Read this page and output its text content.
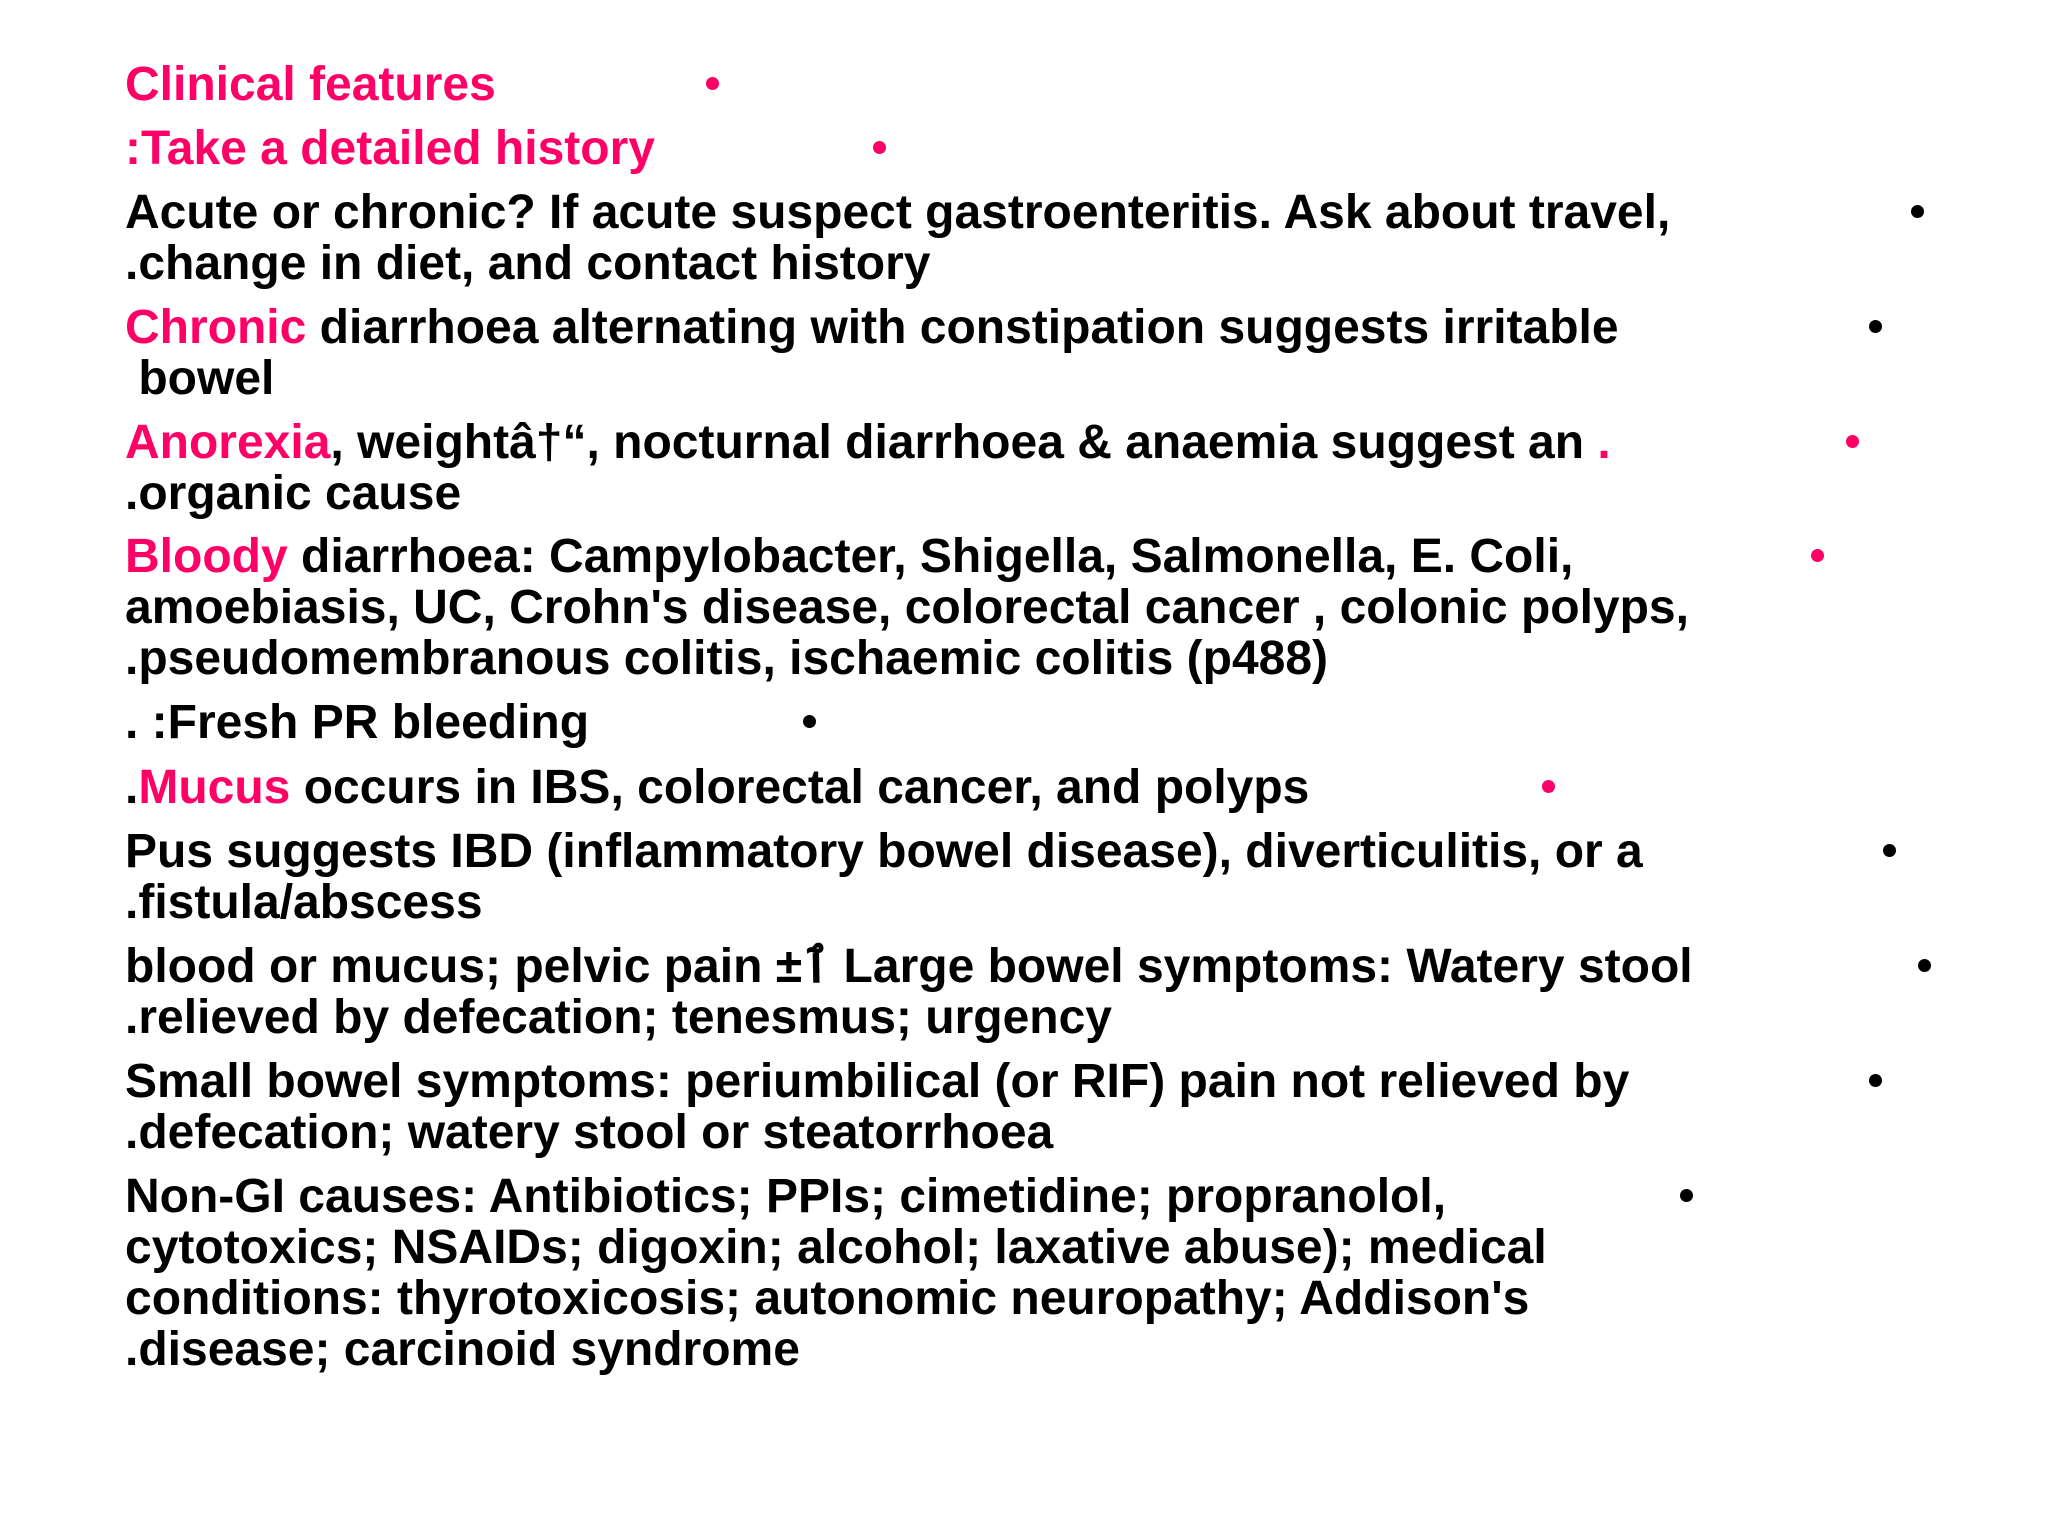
Clinical features
:Take a detailed history
Acute or chronic? If acute suspect gastroenteritis. Ask about travel,
.change in diet, and contact history
Chronic diarrhoea alternating with constipation suggests irritable
bowel
Anorexia, weightâ†“, nocturnal diarrhoea & anaemia suggest an .
.organic cause
Bloody diarrhoea: Campylobacter, Shigella, Salmonella, E. Coli,
amoebiasis, UC, Crohn's disease, colorectal cancer , colonic polyps,
.pseudomembranous colitis, ischaemic colitis (p488)
. :Fresh PR bleeding
.Mucus occurs in IBS, colorectal cancer, and polyps
Pus suggests IBD (inflammatory bowel disease), diverticulitis, or a
.fistula/abscess
blood or mucus; pelvic pain ±ٱ Large bowel symptoms: Watery stool
.relieved by defecation; tenesmus; urgency
Small bowel symptoms: periumbilical (or RIF) pain not relieved by
.defecation; watery stool or steatorrhoea
Non-GI causes: Antibiotics; PPIs; cimetidine; propranolol,
cytotoxics; NSAIDs; digoxin; alcohol; laxative abuse); medical
conditions: thyrotoxicosis; autonomic neuropathy; Addison's
.disease; carcinoid syndrome
